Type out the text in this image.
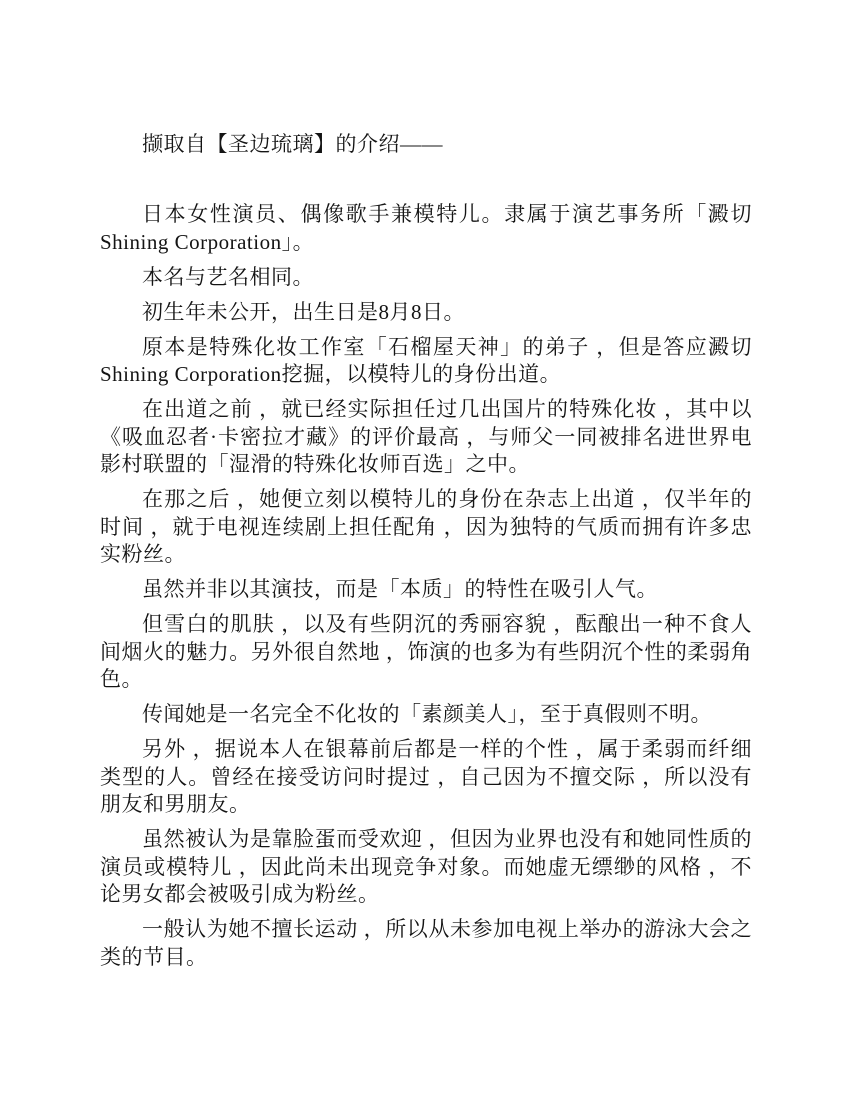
撷取自【圣边琉璃】的介绍——

日本女性演员、偶像歌手兼模特儿。隶属于演艺事务所「澱切Shining Corporation」。

本名与艺名相同。

初生年未公开，出生日是8月8日。

原本是特殊化妆工作室「石榴屋天神」的弟子 ，但是答应澱切Shining Corporation挖掘，以模特儿的身份出道。

在出道之前 ，就已经实际担任过几出国片的特殊化妆 ，其中以《吸血忍者·卡密拉才藏》的评价最高 ，与师父一同被排名进世界电影村联盟的「湿滑的特殊化妆师百选」之中。

在那之后 ，她便立刻以模特儿的身份在杂志上出道 ，仅半年的时间 ，就于电视连续剧上担任配角 ，因为独特的气质而拥有许多忠实粉丝。

虽然并非以其演技，而是「本质」的特性在吸引人气。

但雪白的肌肤 ，以及有些阴沉的秀丽容貌 ，酝酿出一种不食人间烟火的魅力。另外很自然地 ，饰演的也多为有些阴沉个性的柔弱角色。

传闻她是一名完全不化妆的「素颜美人」，至于真假则不明。

另外 ，据说本人在银幕前后都是一样的个性 ，属于柔弱而纤细类型的人。曾经在接受访问时提过 ，自己因为不擅交际 ，所以没有朋友和男朋友。

虽然被认为是靠脸蛋而受欢迎 ，但因为业界也没有和她同性质的演员或模特儿 ，因此尚未出现竞争对象。而她虚无缥缈的风格 ，不论男女都会被吸引成为粉丝。

一般认为她不擅长运动 ，所以从未参加电视上举办的游泳大会之类的节目。
